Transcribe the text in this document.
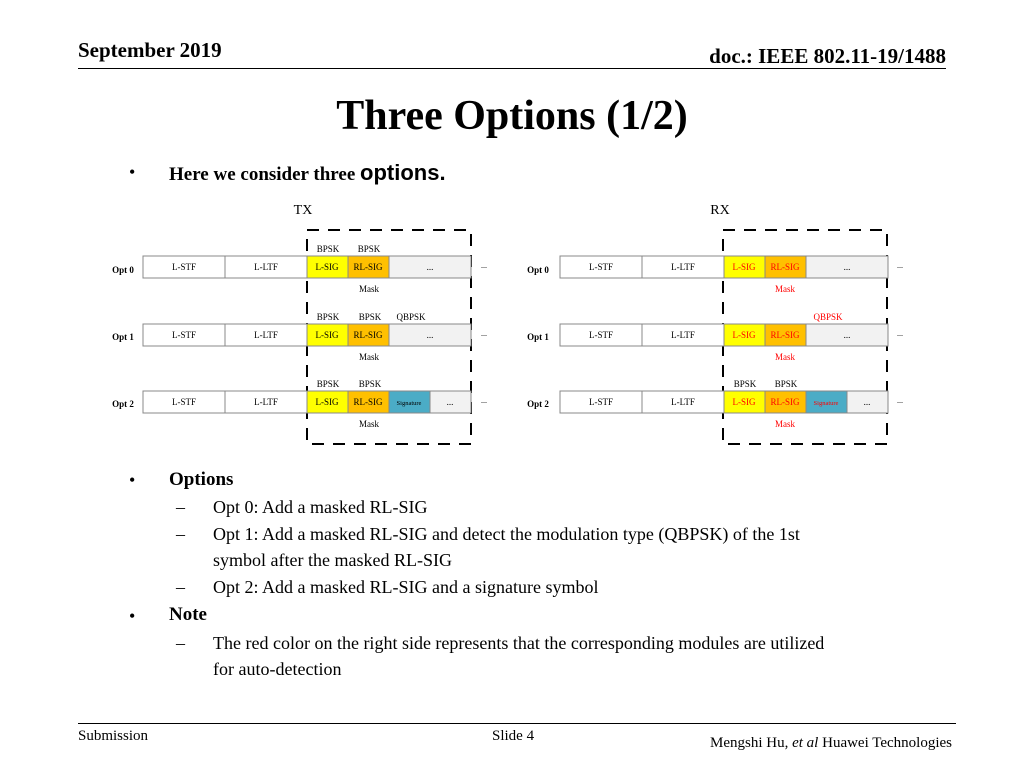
September 2019	doc.: IEEE 802.11-19/1488
Three Options (1/2)
• Here we consider three options.
TX	RX
Opt 0
BPSK BPSK
L-STF	L-LTF	L-SIG RL-SIG	...	...
Mask
Opt 1
BPSK BPSK QBPSK
L-STF	L-LTF	L-SIG RL-SIG	...	...
Mask
Opt 2
BPSK BPSK
L-STF	L-LTF	L-SIG RL-SIG Signature	...	...
Mask
Opt 0	L-STF	L-LTF	L-SIG RL-SIG	...	...
Mask
Opt 1
QBPSK
L-STF	L-LTF	L-SIG RL-SIG	...	...
Mask
Opt 2
BPSK BPSK
L-STF	L-LTF	L-SIG RL-SIG Signature	...	...
Mask
• Options
– Opt 0: Add a masked RL-SIG
– Opt 1: Add a masked RL-SIG and detect the modulation type (QBPSK) of the 1st
symbol after the masked RL-SIG
– Opt 2: Add a masked RL-SIG and a signature symbol
• Note
– The red color on the right side represents that the corresponding modules are utilized
for auto-detection
Submission	Slide 4	Mengshi Hu, et al Huawei Technologies
